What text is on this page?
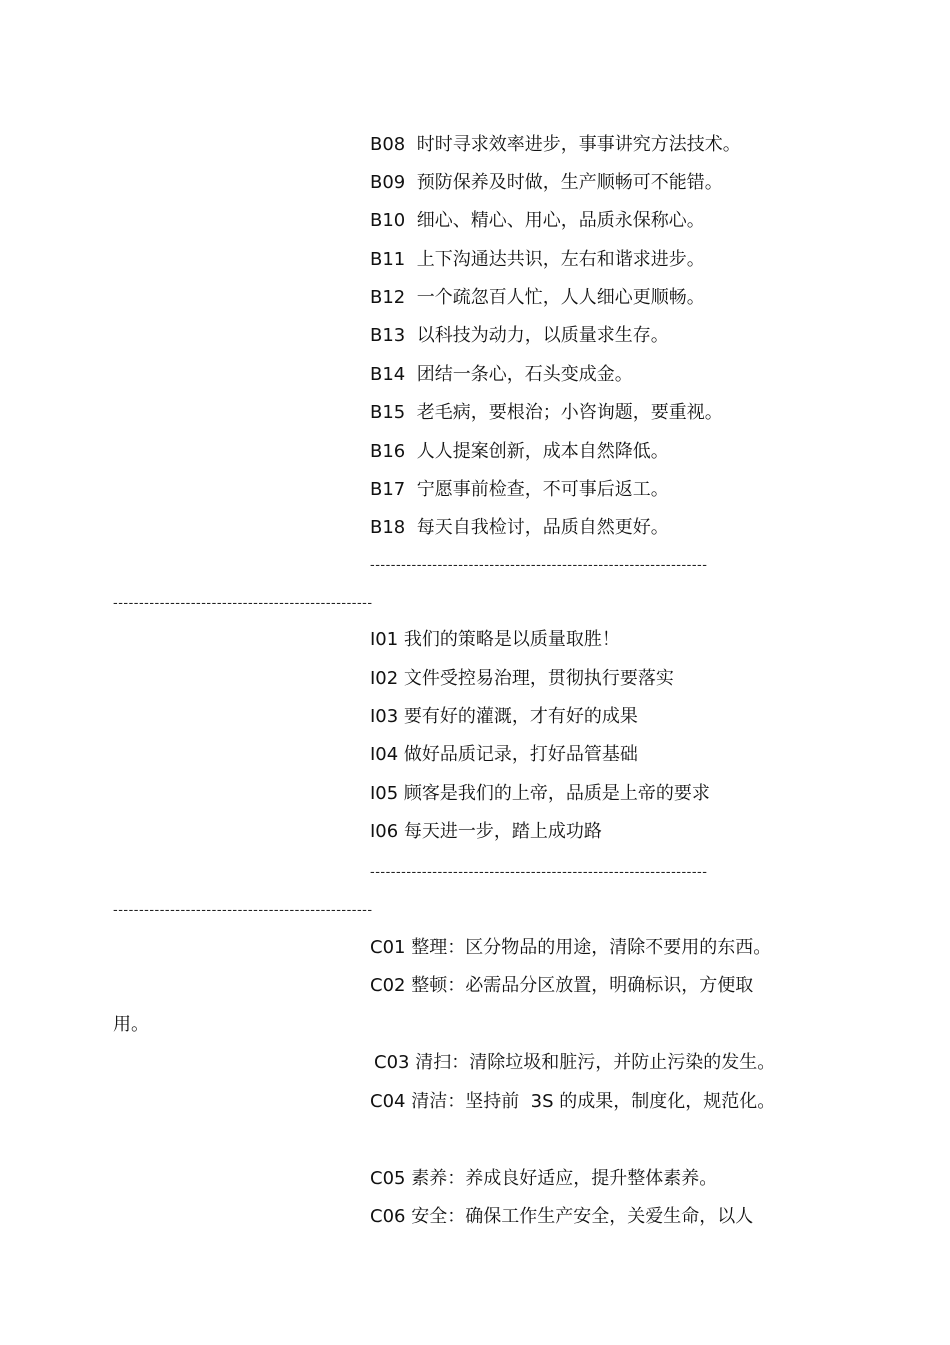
B08  时时寻求效率进步，事事讲究方法技术。
B09  预防保养及时做，生产顺畅可不能错。
B10  细心、精心、用心，品质永保称心。
B11  上下沟通达共识，左右和谐求进步。
B12  一个疏忽百人忙，人人细心更顺畅。
B13  以科技为动力，以质量求生存。
B14  团结一条心，石头变成金。
B15  老毛病，要根治；小咨询题，要重视。
B16  人人提案创新，成本自然降低。
B17  宁愿事前检查，不可事后返工。
B18  每天自我检讨，品质自然更好。
-----------------------------------------------------------------
--------------------------------------------------
I01 我们的策略是以质量取胜！
I02 文件受控易治理，贯彻执行要落实
I03 要有好的灌溉，才有好的成果
I04 做好品质记录，打好品管基础
I05 顾客是我们的上帝，品质是上帝的要求
I06 每天进一步，踏上成功路
-----------------------------------------------------------------
--------------------------------------------------
C01 整理：区分物品的用途，清除不要用的东西。
C02 整顿：必需品分区放置，明确标识，方便取
用。
C03 清扫：清除垃圾和脏污，并防止污染的发生。
C04 清洁：坚持前  3S 的成果，制度化，规范化。
C05 素养：养成良好适应，提升整体素养。
C06 安全：确保工作生产安全，关爱生命，以人
